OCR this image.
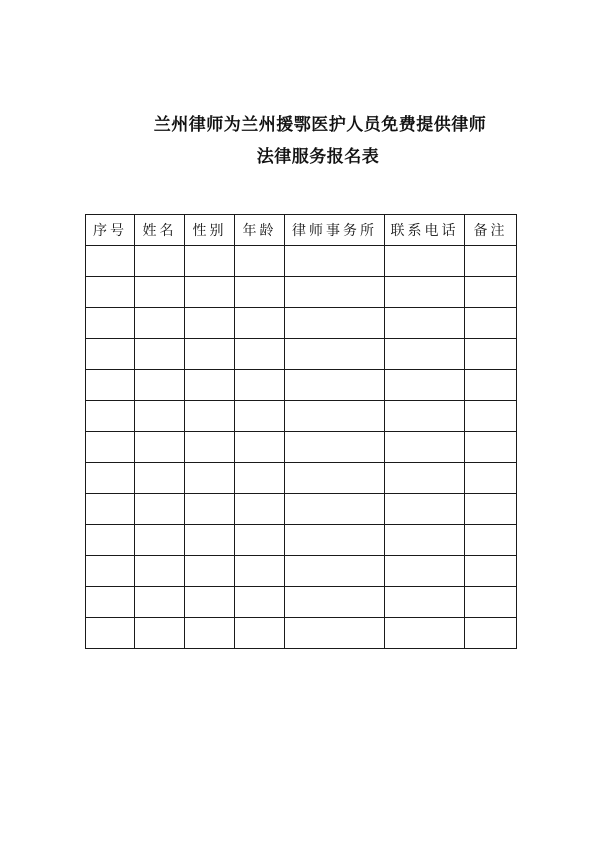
兰州律师为兰州援鄂医护人员免费提供律师
法律服务报名表
序号	姓名	性别	年龄	律师事务所	联系电话	备注
